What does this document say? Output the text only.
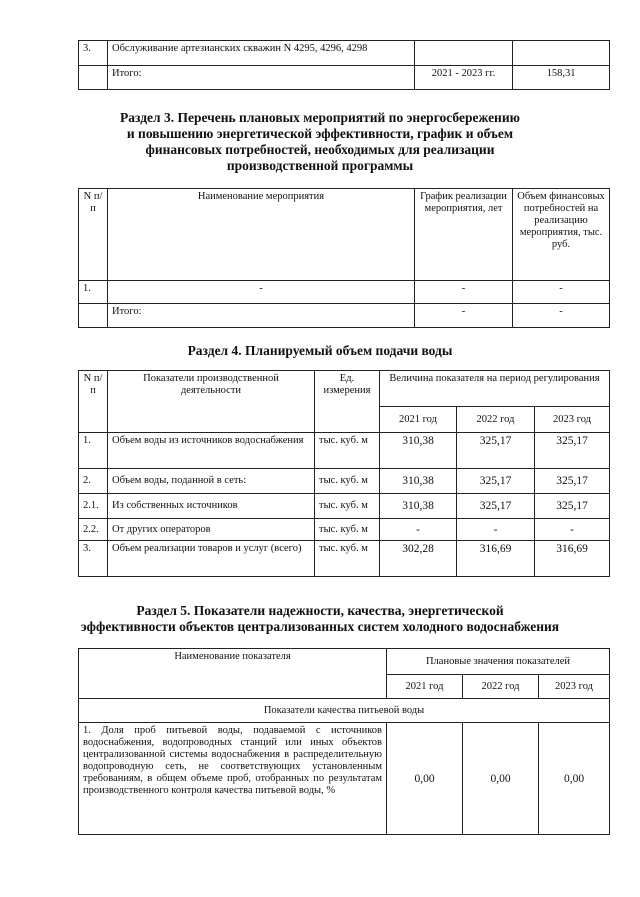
3.	Обслуживание артезианских скважин N 4295, 4296, 4298		
	Итого:	2021 - 2023 гг.	158,31
Раздел 3. Перечень плановых мероприятий по энергосбережению
и повышению энергетической эффективности, график и объем
финансовых потребностей, необходимых для реализации
производственной программы
N п/п	Наименование мероприятия	График реализации мероприятия, лет	Объем финансовых потребностей на реализацию мероприятия, тыс. руб.
1.	-	-	-
	Итого:	-	-
Раздел 4. Планируемый объем подачи воды
N п/п	Показатели производственной деятельности	Ед. измерения	Величина показателя на период регулирования		
			2021 год	2022 год	2023 год
1.	Объем воды из источников водоснабжения	тыс. куб. м	310,38	325,17	325,17
2.	Объем воды, поданной в сеть:	тыс. куб. м	310,38	325,17	325,17
2.1.	Из собственных источников	тыс. куб. м	310,38	325,17	325,17
2.2.	От других операторов	тыс. куб. м	-	-	-
3.	Объем реализации товаров и услуг (всего)	тыс. куб. м	302,28	316,69	316,69
Раздел 5. Показатели надежности, качества, энергетической
эффективности объектов централизованных систем холодного водоснабжения
Наименование показателя	Плановые значения показателей		
	2021 год	2022 год	2023 год
Показатели качества питьевой воды			
1. Доля проб питьевой воды, подаваемой с источников водоснабжения, водопроводных станций или иных объектов централизованной системы водоснабжения в распределительную водопроводную сеть, не соответствующих установленным требованиям, в общем объеме проб, отобранных по результатам производственного контроля качества питьевой воды, %	0,00	0,00	0,00
